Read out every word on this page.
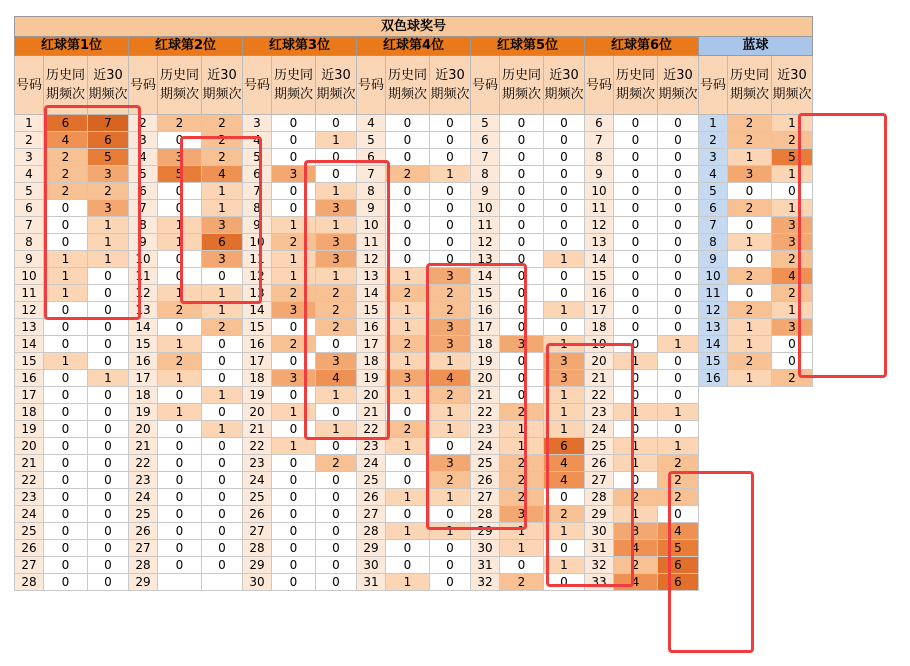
双色球奖号																				
红球第1位			红球第2位			红球第3位			红球第4位			红球第5位			红球第6位			蓝球		
号码	历史同期频次	近30期频次	号码	历史同期频次	近30期频次	号码	历史同期频次	近30期频次	号码	历史同期频次	近30期频次	号码	历史同期频次	近30期频次	号码	历史同期频次	近30期频次	号码	历史同期频次	近30期频次
1	6	7	2	2	2	3	0	0	4	0	0	5	0	0	6	0	0	1	2	1
2	4	6	3	0	2	4	0	1	5	0	0	6	0	0	7	0	0	2	2	2
3	2	5	4	3	2	5	0	0	6	0	0	7	0	0	8	0	0	3	1	5
4	2	3	5	5	4	6	3	0	7	2	1	8	0	0	9	0	0	4	3	1
5	2	2	6	0	1	7	0	1	8	0	0	9	0	0	10	0	0	5	0	0
6	0	3	7	0	1	8	0	3	9	0	0	10	0	0	11	0	0	6	2	1
7	0	1	8	1	3	9	1	1	10	0	0	11	0	0	12	0	0	7	0	3
8	0	1	9	1	6	10	2	3	11	0	0	12	0	0	13	0	0	8	1	3
9	1	1	10	0	3	11	1	3	12	0	0	13	0	1	14	0	0	9	0	2
10	1	0	11	0	0	12	1	1	13	1	3	14	0	0	15	0	0	10	2	4
11	1	0	12	1	1	13	2	2	14	2	2	15	0	0	16	0	0	11	0	2
12	0	0	13	2	1	14	3	2	15	1	2	16	0	1	17	0	0	12	2	1
13	0	0	14	0	2	15	0	2	16	1	3	17	0	0	18	0	0	13	1	3
14	0	0	15	1	0	16	2	0	17	2	3	18	3	1	19	0	1	14	1	0
15	1	0	16	2	0	17	0	3	18	1	1	19	0	3	20	1	0	15	2	0
16	0	1	17	1	0	18	3	4	19	3	4	20	0	3	21	0	0	16	1	2
17	0	0	18	0	1	19	0	1	20	1	2	21	0	1	22	0	0			
18	0	0	19	1	0	20	1	0	21	0	1	22	2	1	23	1	1			
19	0	0	20	0	1	21	0	1	22	2	1	23	1	1	24	0	0			
20	0	0	21	0	0	22	1	0	23	1	0	24	1	6	25	1	1			
21	0	0	22	0	0	23	0	2	24	0	3	25	2	4	26	1	2			
22	0	0	23	0	0	24	0	0	25	0	2	26	2	4	27	0	2			
23	0	0	24	0	0	25	0	0	26	1	1	27	2	0	28	2	2			
24	0	0	25	0	0	26	0	0	27	0	0	28	3	2	29	1	0			
25	0	0	26	0	0	27	0	0	28	1	1	29	1	1	30	3	4			
26	0	0	27	0	0	28	0	0	29	0	0	30	1	0	31	4	5			
27	0	0	28	0	0	29	0	0	30	0	0	31	0	1	32	2	6			
28	0	0	29			30	0	0	31	1	0	32	2	0	33	4	6			
